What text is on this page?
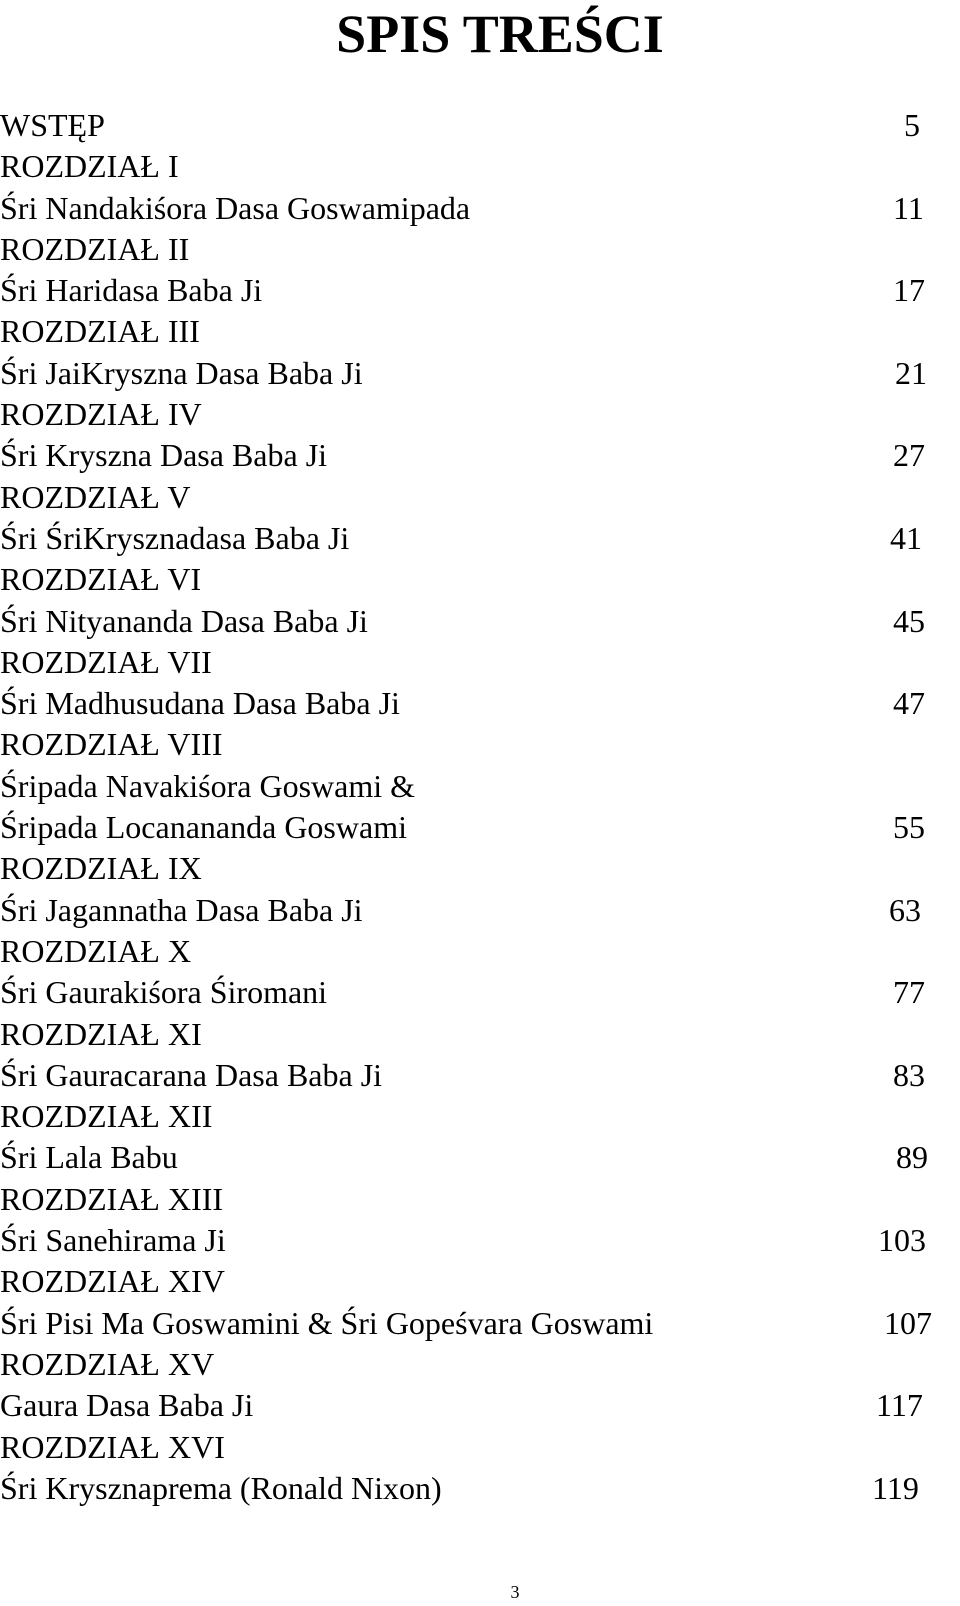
SPIS TREŚCI
WSTĘP	5
ROZDZIAŁ I
Śri Nandakiśora Dasa Goswamipada	11
ROZDZIAŁ II
Śri Haridasa Baba Ji	17
ROZDZIAŁ III
Śri JaiKryszna Dasa Baba Ji	21
ROZDZIAŁ IV
Śri Kryszna Dasa Baba Ji	27
ROZDZIAŁ V
Śri ŚriKrysznadasa Baba Ji	41
ROZDZIAŁ VI
Śri Nityananda Dasa Baba Ji	45
ROZDZIAŁ VII
Śri Madhusudana Dasa Baba Ji	47
ROZDZIAŁ VIII
Śripada Navakiśora Goswami &
Śripada Locanananda Goswami	55
ROZDZIAŁ IX
Śri Jagannatha Dasa Baba Ji	63
ROZDZIAŁ X
Śri Gaurakiśora Śiromani	77
ROZDZIAŁ XI
Śri Gauracarana Dasa Baba Ji	83
ROZDZIAŁ XII
Śri Lala Babu	89
ROZDZIAŁ XIII
Śri Sanehirama Ji	103
ROZDZIAŁ XIV
Śri Pisi Ma Goswamini & Śri Gopeśvara Goswami	107
ROZDZIAŁ XV
Gaura Dasa Baba Ji	117
ROZDZIAŁ XVI
Śri Krysznaprema (Ronald Nixon)	119
3
